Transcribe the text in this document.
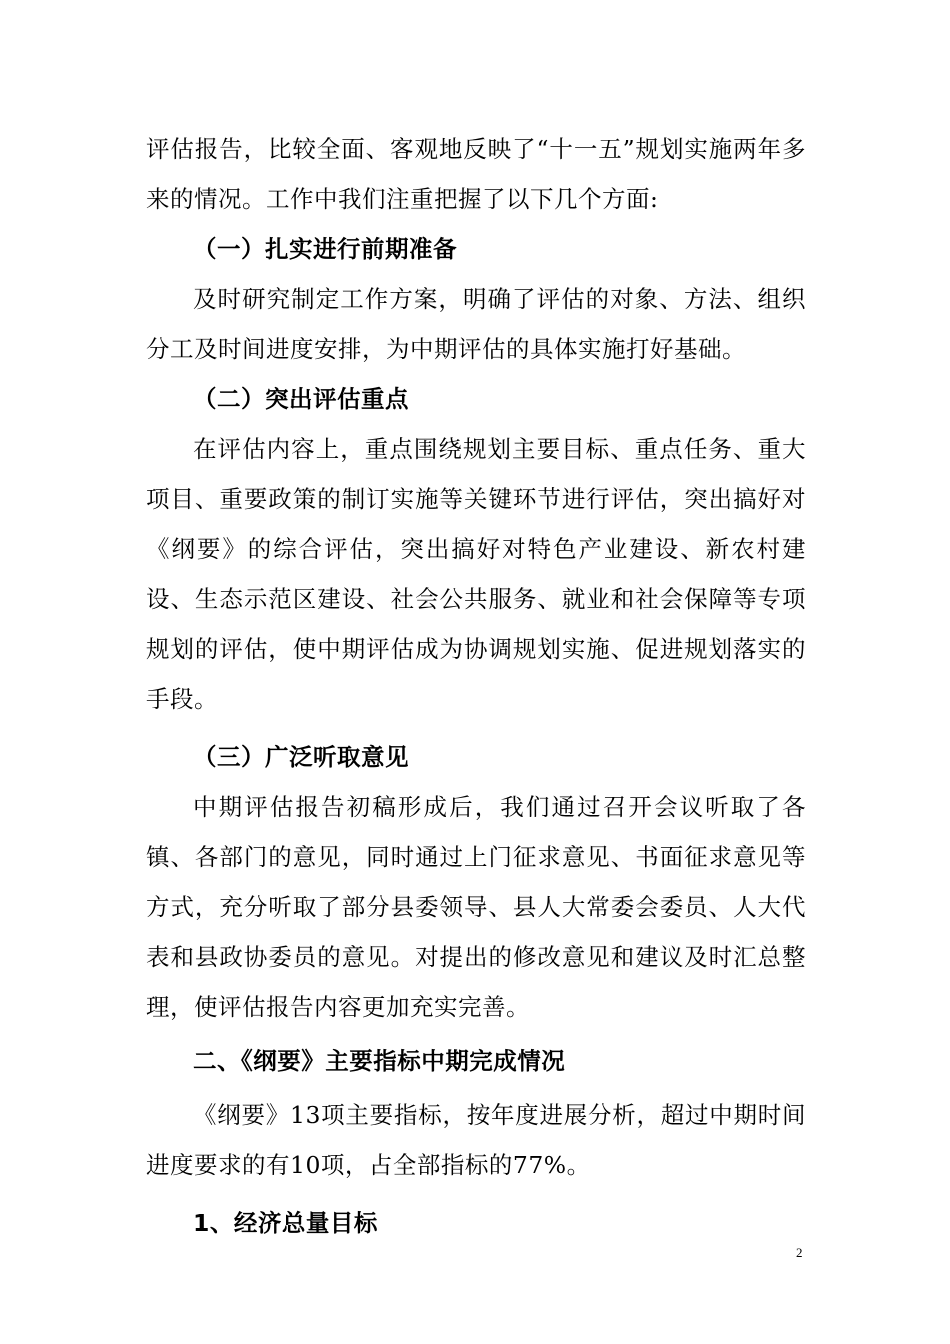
评估报告，比较全面、客观地反映了“十一五”规划实施两年多来的情况。工作中我们注重把握了以下几个方面:

（一）扎实进行前期准备

及时研究制定工作方案，明确了评估的对象、方法、组织分工及时间进度安排，为中期评估的具体实施打好基础。

（二）突出评估重点

在评估内容上，重点围绕规划主要目标、重点任务、重大项目、重要政策的制订实施等关键环节进行评估，突出搞好对《纲要》的综合评估，突出搞好对特色产业建设、新农村建设、生态示范区建设、社会公共服务、就业和社会保障等专项规划的评估，使中期评估成为协调规划实施、促进规划落实的手段。

（三）广泛听取意见

中期评估报告初稿形成后，我们通过召开会议听取了各镇、各部门的意见，同时通过上门征求意见、书面征求意见等方式，充分听取了部分县委领导、县人大常委会委员、人大代表和县政协委员的意见。对提出的修改意见和建议及时汇总整理，使评估报告内容更加充实完善。

二、《纲要》主要指标中期完成情况

《纲要》13项主要指标，按年度进展分析，超过中期时间进度要求的有10项，占全部指标的77%。

1、经济总量目标

2
